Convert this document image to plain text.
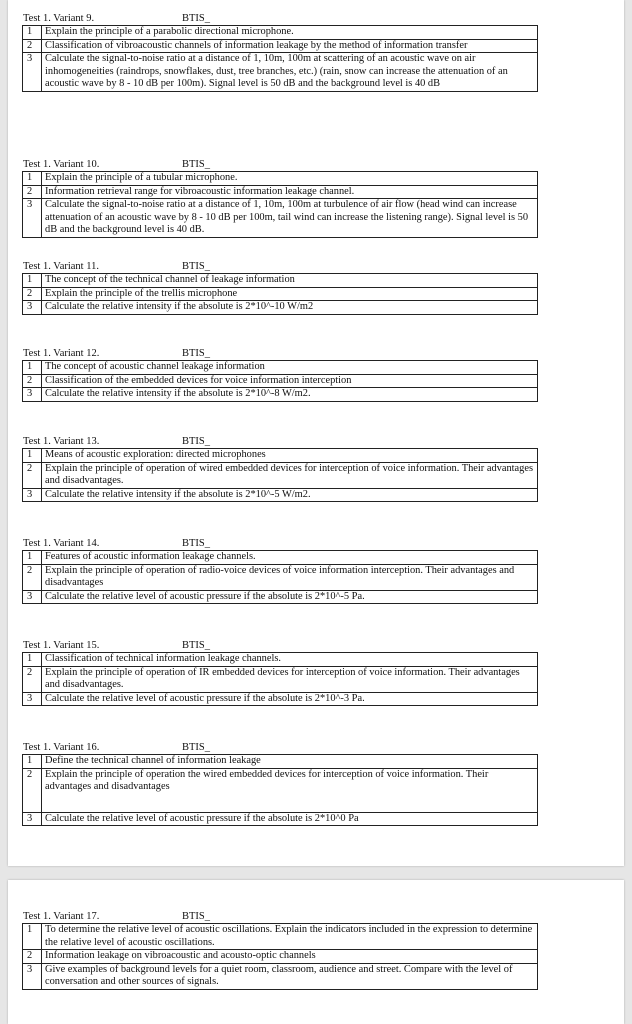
Test 1. Variant 9.	BTIS_
1	Explain the principle of a parabolic directional microphone.
2	Classification of vibroacoustic channels of information leakage by the method of information transfer
3	Calculate the signal-to-noise ratio at a distance of 1, 10m, 100m at scattering of an acoustic wave on air inhomogeneities (raindrops, snowflakes, dust, tree branches, etc.) (rain, snow can increase the attenuation of an acoustic wave by 8 - 10 dB per 100m). Signal level is 50 dB and the background level is 40 dB
Test 1. Variant 10.	BTIS_
1	Explain the principle of a tubular microphone.
2	Information retrieval range for vibroacoustic information leakage channel.
3	Calculate the signal-to-noise ratio at a distance of 1, 10m, 100m at turbulence of air flow (head wind can increase attenuation of an acoustic wave by 8 - 10 dB per 100m, tail wind can increase the listening range). Signal level is 50 dB and the background level is 40 dB.
Test 1. Variant 11.	BTIS_
1	The concept of the technical channel of leakage information
2	Explain the principle of the trellis microphone
3	Calculate the relative intensity if the absolute is 2*10^-10 W/m2
Test 1. Variant 12.	BTIS_
1	The concept of acoustic channel leakage information
2	Classification of the embedded devices for voice information interception
3	Calculate the relative intensity if the absolute is 2*10^-8 W/m2.
Test 1. Variant 13.	BTIS_
1	Means of acoustic exploration: directed microphones
2	Explain the principle of operation of wired embedded devices for interception of voice information. Their advantages and disadvantages.
3	Calculate the relative intensity if the absolute is 2*10^-5 W/m2.
Test 1. Variant 14.	BTIS_
1	Features of acoustic information leakage channels.
2	Explain the principle of operation of radio-voice devices of voice information interception. Their advantages and disadvantages
3	Calculate the relative level of acoustic pressure if the absolute is 2*10^-5 Pa.
Test 1. Variant 15.	BTIS_
1	Classification of technical information leakage channels.
2	Explain the principle of operation of IR embedded devices for interception of voice information. Their advantages and disadvantages.
3	Calculate the relative level of acoustic pressure if the absolute is 2*10^-3 Pa.
Test 1. Variant 16.	BTIS_
1	Define the technical channel of information leakage
2	Explain the principle of operation the wired embedded devices for interception of voice information. Their advantages and disadvantages
3	Calculate the relative level of acoustic pressure if the absolute is 2*10^0 Pa
Test 1. Variant 17.	BTIS_
1	To determine the relative level of acoustic oscillations. Explain the indicators included in the expression to determine the relative level of acoustic oscillations.
2	Information leakage on vibroacoustic and acousto-optic channels
3	Give examples of background levels for a quiet room, classroom, audience and street. Compare with the level of conversation and other sources of signals.
